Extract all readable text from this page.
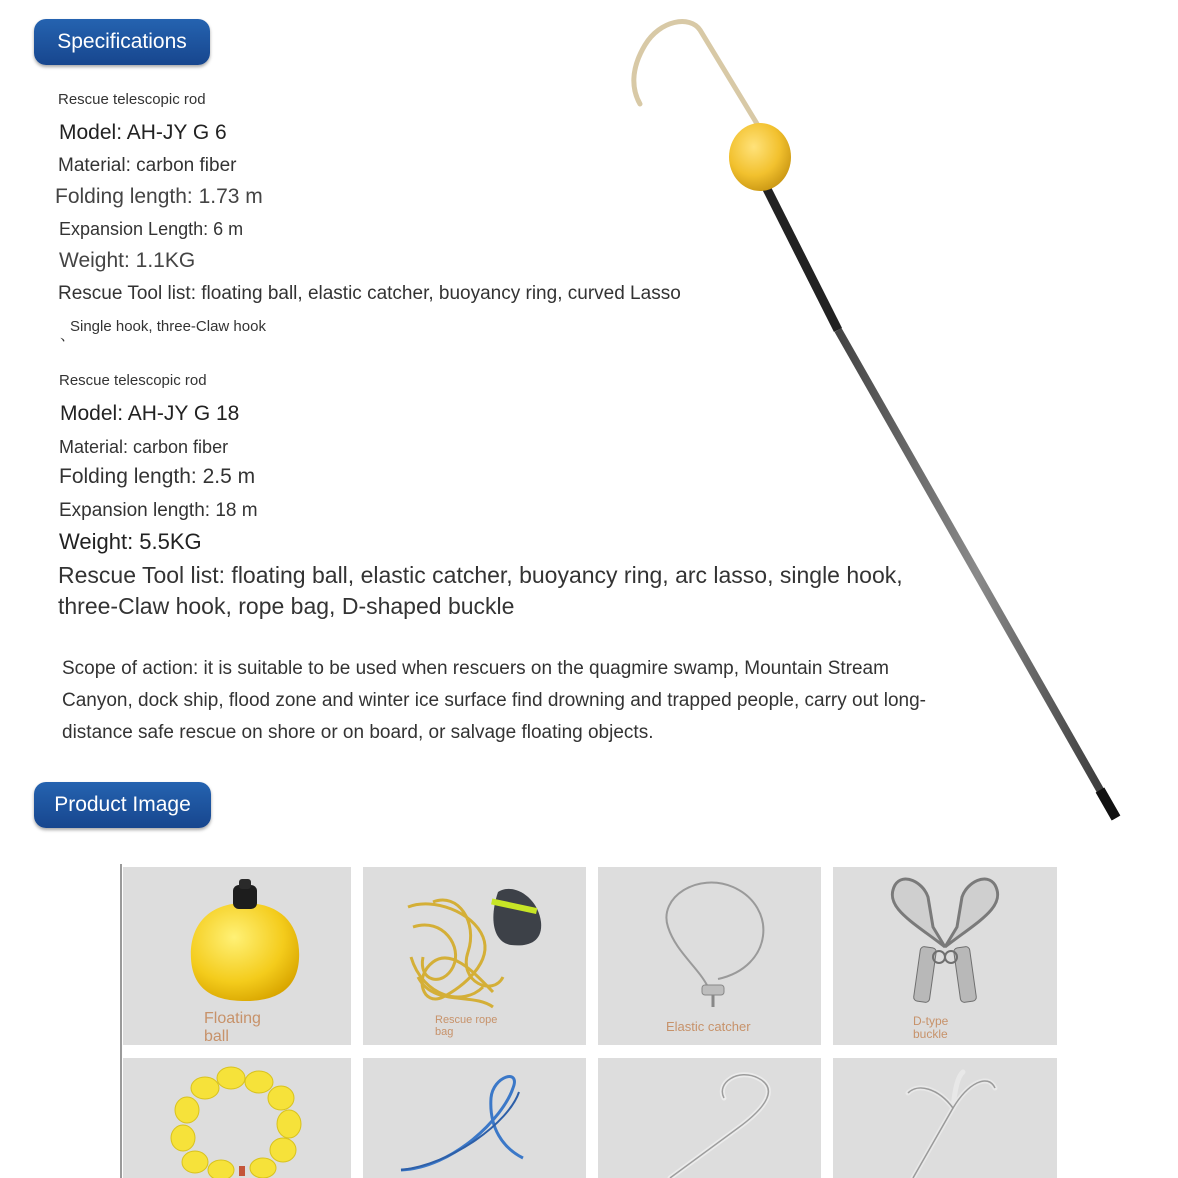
Specifications
Rescue telescopic rod
Model: AH-JY G 6
Material: carbon fiber
Folding length: 1.73 m
Expansion Length: 6 m
Weight: 1.1KG
Rescue Tool list: floating ball, elastic catcher, buoyancy ring, curved Lasso
、
Single hook, three-Claw hook
Rescue telescopic rod
Model: AH-JY G 18
Material: carbon fiber
Folding length: 2.5 m
Expansion length: 18 m
Weight: 5.5KG
Rescue Tool list: floating ball, elastic catcher, buoyancy ring, arc lasso, single hook, three-Claw hook, rope bag, D-shaped buckle
Scope of action: it is suitable to be used when rescuers on the quagmire swamp, Mountain Stream Canyon, dock ship, flood zone and winter ice surface find drowning and trapped people, carry out long-distance safe rescue on shore or on board, or salvage floating objects.
Product Image
Floating
ball
Rescue rope
bag	Elastic catcher	D-type
buckle
